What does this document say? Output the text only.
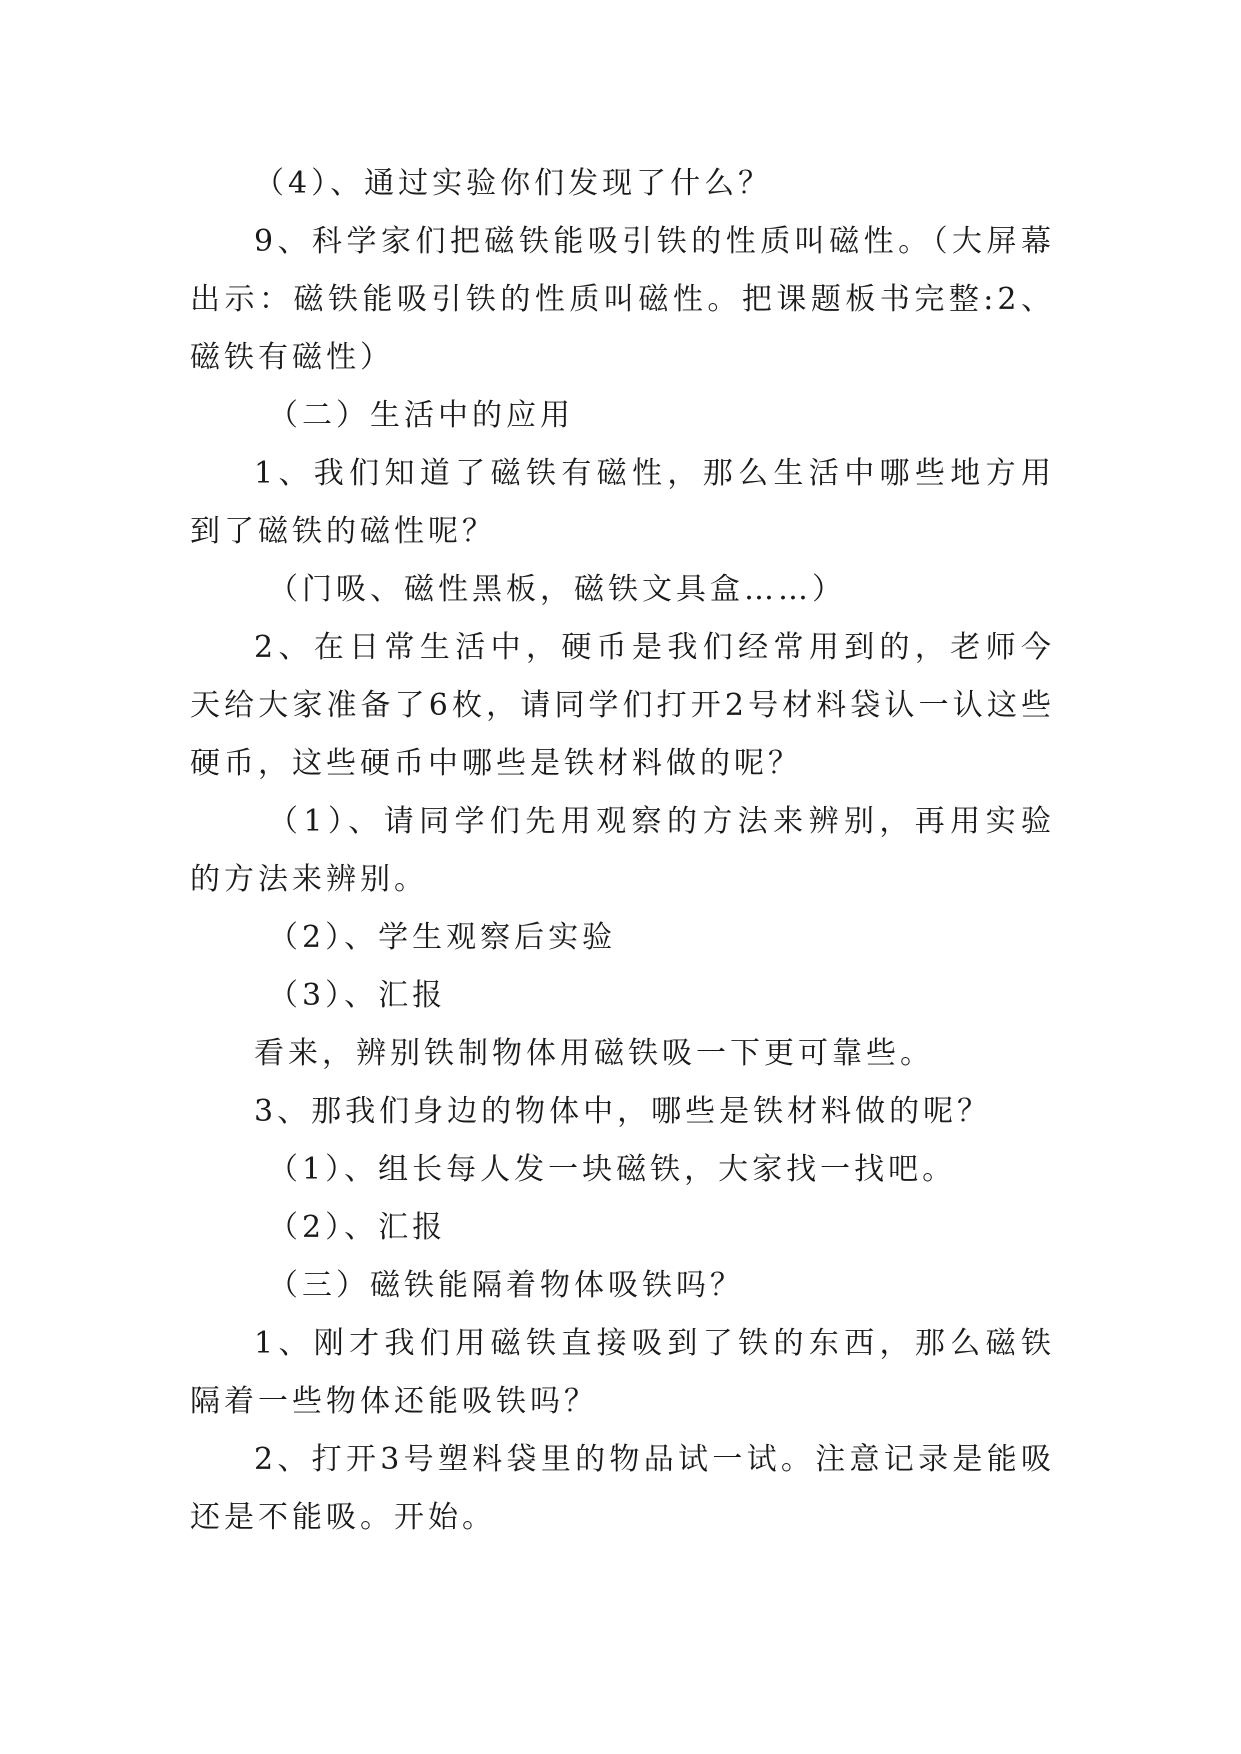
（4）、通过实验你们发现了什么？

9、科学家们把磁铁能吸引铁的性质叫磁性。（大屏幕出示：磁铁能吸引铁的性质叫磁性。把课题板书完整:2、磁铁有磁性）

（二）生活中的应用

1、我们知道了磁铁有磁性，那么生活中哪些地方用到了磁铁的磁性呢？

（门吸、磁性黑板，磁铁文具盒……）

2、在日常生活中，硬币是我们经常用到的，老师今天给大家准备了6枚，请同学们打开2号材料袋认一认这些硬币，这些硬币中哪些是铁材料做的呢？

（1）、请同学们先用观察的方法来辨别，再用实验的方法来辨别。

（2）、学生观察后实验

（3）、汇报

看来，辨别铁制物体用磁铁吸一下更可靠些。

3、那我们身边的物体中，哪些是铁材料做的呢？

（1）、组长每人发一块磁铁，大家找一找吧。

（2）、汇报

（三）磁铁能隔着物体吸铁吗？

1、刚才我们用磁铁直接吸到了铁的东西，那么磁铁隔着一些物体还能吸铁吗？

2、打开3号塑料袋里的物品试一试。注意记录是能吸还是不能吸。开始。
